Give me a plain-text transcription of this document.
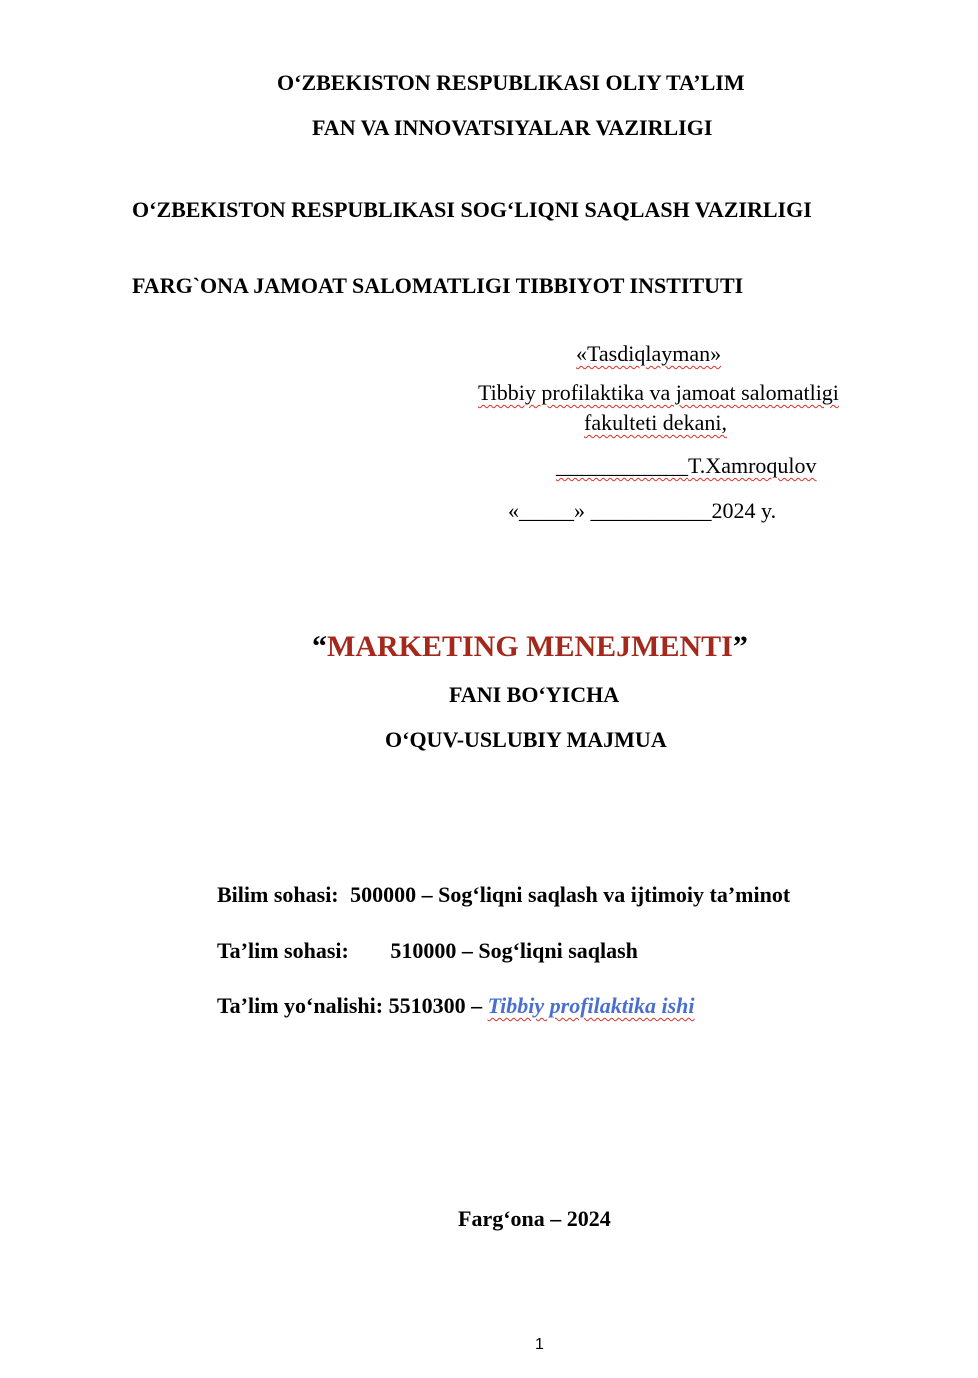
O‘ZBEKISTON RESPUBLIKASI OLIY TA’LIM
FAN VA INNOVATSIYALAR VAZIRLIGI
O‘ZBEKISTON RESPUBLIKASI SOG‘LIQNI SAQLASH VAZIRLIGI
FARG`ONA JAMOAT SALOMATLIGI TIBBIYOT INSTITUTI
«Tasdiqlayman»
Tibbiy profilaktika va jamoat salomatligi
fakulteti dekani,
____________T.Xamroqulov
«_____» ___________2024 y.
“MARKETING MENEJMENTI”
FANI BO‘YICHA
O‘QUV-USLUBIY MAJMUA
Bilim sohasi: 500000 – Sog‘liqni saqlash va ijtimoiy ta’minot
Ta’lim sohasi: 510000 – Sog‘liqni saqlash
Ta’lim yo‘nalishi: 5510300 – Tibbiy profilaktika ishi
Farg‘ona – 2024
1
